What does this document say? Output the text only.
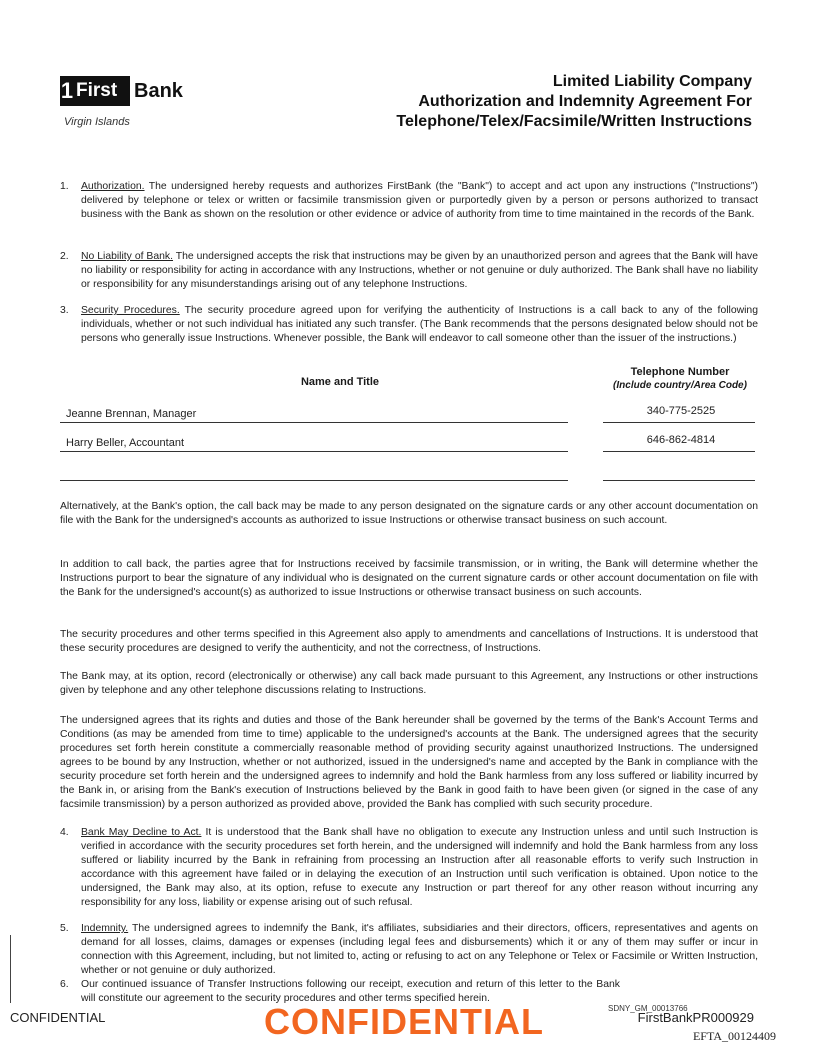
1 First Bank
Virgin Islands
Limited Liability Company
Authorization and Indemnity Agreement For
Telephone/Telex/Facsimile/Written Instructions
1. Authorization. The undersigned hereby requests and authorizes FirstBank (the "Bank") to accept and act upon any instructions ("Instructions") delivered by telephone or telex or written or facsimile transmission given or purportedly given by a person or persons authorized to transact business with the Bank as shown on the resolution or other evidence or advice of authority from time to time maintained in the records of the Bank.
2. No Liability of Bank. The undersigned accepts the risk that instructions may be given by an unauthorized person and agrees that the Bank will have no liability or responsibility for acting in accordance with any Instructions, whether or not genuine or duly authorized. The Bank shall have no liability or responsibility for any misunderstandings arising out of any telephone Instructions.
3. Security Procedures. The security procedure agreed upon for verifying the authenticity of Instructions is a call back to any of the following individuals, whether or not such individual has initiated any such transfer. (The Bank recommends that the persons designated below should not be persons who generally issue Instructions. Whenever possible, the Bank will endeavor to call someone other than the issuer of the instructions.)
Name and Title
Telephone Number
(Include country/Area Code)
Jeanne Brennan, Manager	340-775-2525
Harry Beller, Accountant	646-862-4814
Alternatively, at the Bank's option, the call back may be made to any person designated on the signature cards or any other account documentation on file with the Bank for the undersigned's accounts as authorized to issue Instructions or otherwise transact business on such account.
In addition to call back, the parties agree that for Instructions received by facsimile transmission, or in writing, the Bank will determine whether the Instructions purport to bear the signature of any individual who is designated on the current signature cards or other account documentation on file with the Bank for the undersigned's account(s) as authorized to issue Instructions or otherwise transact business on such accounts.
The security procedures and other terms specified in this Agreement also apply to amendments and cancellations of Instructions. It is understood that these security procedures are designed to verify the authenticity, and not the correctness, of Instructions.
The Bank may, at its option, record (electronically or otherwise) any call back made pursuant to this Agreement, any Instructions or other instructions given by telephone and any other telephone discussions relating to Instructions.
The undersigned agrees that its rights and duties and those of the Bank hereunder shall be governed by the terms of the Bank's Account Terms and Conditions (as may be amended from time to time) applicable to the undersigned's accounts at the Bank. The undersigned agrees that the security procedures set forth herein constitute a commercially reasonable method of providing security against unauthorized Instructions. The undersigned agrees to be bound by any Instruction, whether or not authorized, issued in the undersigned's name and accepted by the Bank in compliance with the security procedure set forth herein and the undersigned agrees to indemnify and hold the Bank harmless from any loss suffered or liability incurred by the Bank in, or arising from the Bank's execution of Instructions believed by the Bank in good faith to have been given (or signed in the case of any facsimile transmission) by a person authorized as provided above, provided the Bank has complied with such security procedure.
4. Bank May Decline to Act. It is understood that the Bank shall have no obligation to execute any Instruction unless and until such Instruction is verified in accordance with the security procedures set forth herein, and the undersigned will indemnify and hold the Bank harmless from any loss suffered or liability incurred by the Bank in refraining from processing an Instruction after all reasonable efforts to verify such Instruction in accordance with this agreement have failed or in delaying the execution of an Instruction until such verification is obtained. Upon notice to the undersigned, the Bank may also, at its option, refuse to execute any Instruction or part thereof for any other reason without incurring any responsibility for any loss, liability or expense arising out of such refusal.
5. Indemnity. The undersigned agrees to indemnify the Bank, it's affiliates, subsidiaries and their directors, officers, representatives and agents on demand for all losses, claims, damages or expenses (including legal fees and disbursements) which it or any of them may suffer or incur in connection with this Agreement, including, but not limited to, acting or refusing to act on any Telephone or Telex or Facsimile or Written Instruction, whether or not genuine or duly authorized.
6. Our continued issuance of Transfer Instructions following our receipt, execution and return of this letter to the Bank will constitute our agreement to the security procedures and other terms specified herein.
CONFIDENTIAL	SDNY_GM_00013766
CONFIDENTIAL	FirstBankPR000929
EFTA_00124409
